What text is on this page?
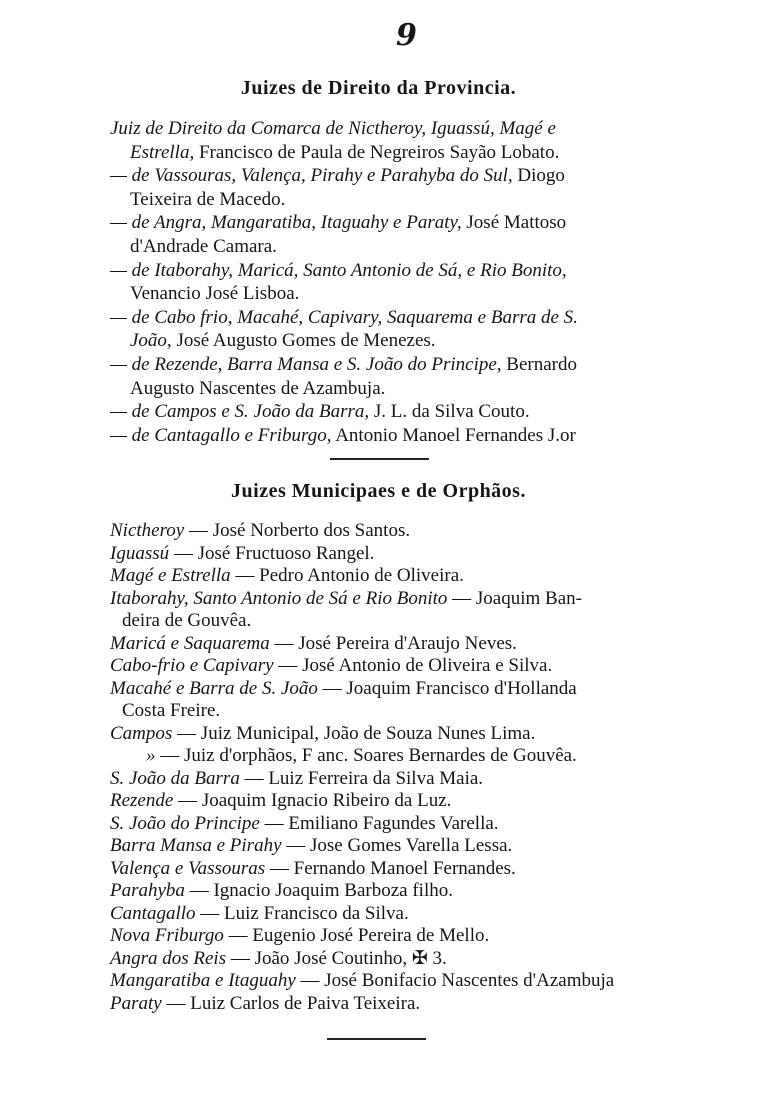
9
Juizes de Direito da Provincia.
Juiz de Direito da Comarca de Nictheroy, Iguassú, Magé e
Estrella, Francisco de Paula de Negreiros Sayão Lobato.
— de Vassouras, Valença, Pirahy e Parahyba do Sul, Diogo
Teixeira de Macedo.
— de Angra, Mangaratiba, Itaguahy e Paraty, José Mattoso
d'Andrade Camara.
— de Itaborahy, Maricá, Santo Antonio de Sá, e Rio Bonito,
Venancio José Lisboa.
— de Cabo frio, Macahé, Capivary, Saquarema e Barra de S.
João, José Augusto Gomes de Menezes.
— de Rezende, Barra Mansa e S. João do Principe, Bernardo
Augusto Nascentes de Azambuja.
— de Campos e S. João da Barra, J. L. da Silva Couto.
— de Cantagallo e Friburgo, Antonio Manoel Fernandes J.or
Juizes Municipaes e de Orphãos.
Nictheroy — José Norberto dos Santos.
Iguassú — José Fructuoso Rangel.
Magé e Estrella — Pedro Antonio de Oliveira.
Itaborahy, Santo Antonio de Sá e Rio Bonito — Joaquim Ban-
deira de Gouvêa.
Maricá e Saquarema — José Pereira d'Araujo Neves.
Cabo-frio e Capivary — José Antonio de Oliveira e Silva.
Macahé e Barra de S. João — Joaquim Francisco d'Hollanda
Costa Freire.
Campos — Juiz Municipal, João de Souza Nunes Lima.
» — Juiz d'orphãos, F anc. Soares Bernardes de Gouvêa.
S. João da Barra — Luiz Ferreira da Silva Maia.
Rezende — Joaquim Ignacio Ribeiro da Luz.
S. João do Principe — Emiliano Fagundes Varella.
Barra Mansa e Pirahy — Jose Gomes Varella Lessa.
Valença e Vassouras — Fernando Manoel Fernandes.
Parahyba — Ignacio Joaquim Barboza filho.
Cantagallo — Luiz Francisco da Silva.
Nova Friburgo — Eugenio José Pereira de Mello.
Angra dos Reis — João José Coutinho, ✠ 3.
Mangaratiba e Itaguahy — José Bonifacio Nascentes d'Azambuja
Paraty — Luiz Carlos de Paiva Teixeira.
